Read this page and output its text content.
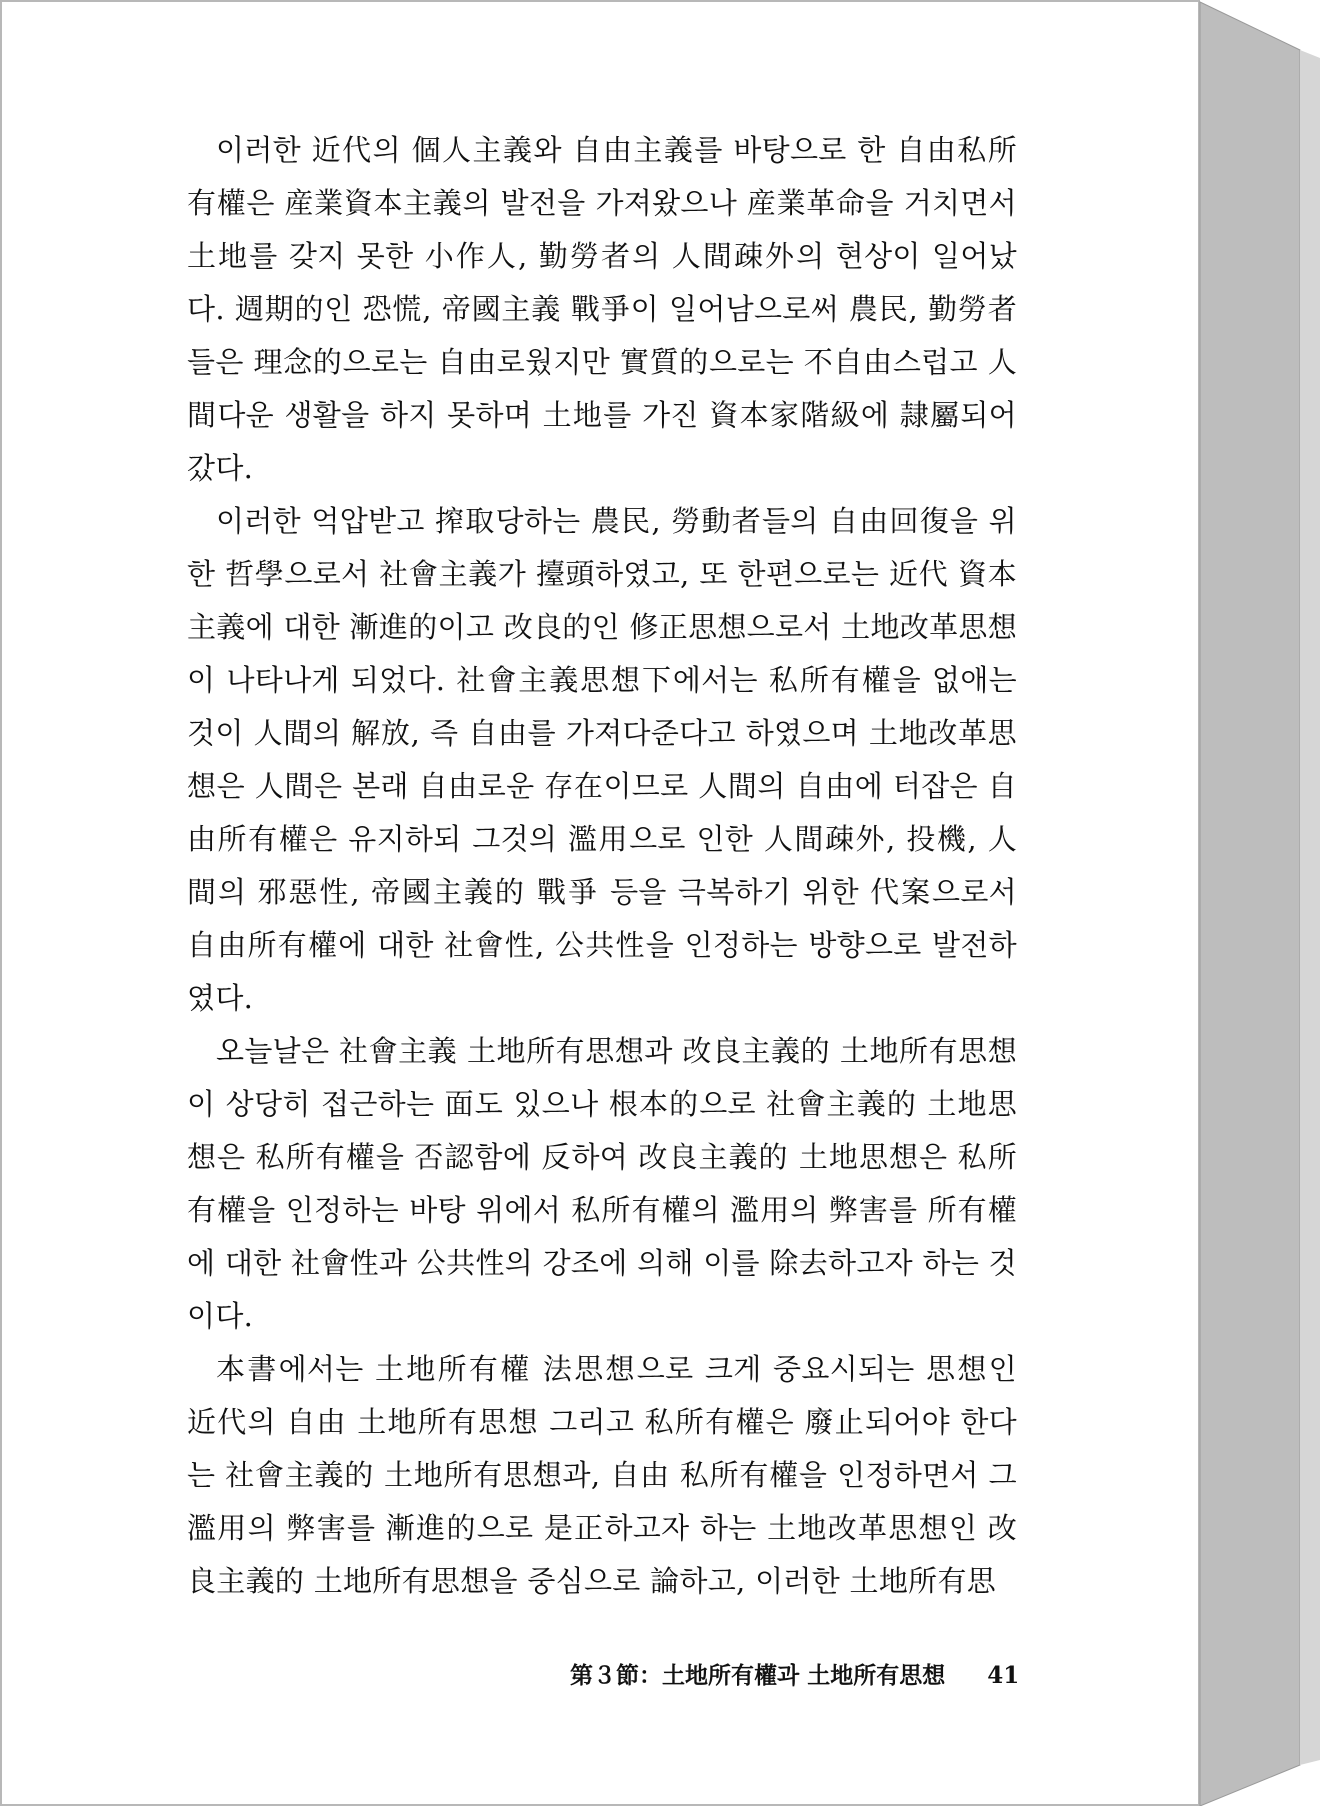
이러한 近代의 個人主義와 自由主義를 바탕으로 한 自由私所有權은 産業資本主義의 발전을 가져왔으나 産業革命을 거치면서 土地를 갖지 못한 小作人, 勤勞者의 人間疎外의 현상이 일어났다. 週期的인 恐慌, 帝國主義 戰爭이 일어남으로써 農民, 勤勞者들은 理念的으로는 自由로웠지만 實質的으로는 不自由스럽고 人間다운 생활을 하지 못하며 土地를 가진 資本家階級에 隷屬되어 갔다.

이러한 억압받고 搾取당하는 農民, 勞動者들의 自由回復을 위한 哲學으로서 社會主義가 擡頭하였고, 또 한편으로는 近代 資本主義에 대한 漸進的이고 改良的인 修正思想으로서 土地改革思想이 나타나게 되었다. 社會主義思想下에서는 私所有權을 없애는 것이 人間의 解放, 즉 自由를 가져다준다고 하였으며 土地改革思想은 人間은 본래 自由로운 存在이므로 人間의 自由에 터잡은 自由所有權은 유지하되 그것의 濫用으로 인한 人間疎外, 投機, 人間의 邪惡性, 帝國主義的 戰爭 등을 극복하기 위한 代案으로서 自由所有權에 대한 社會性, 公共性을 인정하는 방향으로 발전하였다.

오늘날은 社會主義 土地所有思想과 改良主義的 土地所有思想이 상당히 접근하는 面도 있으나 根本的으로 社會主義的 土地思想은 私所有權을 否認함에 反하여 改良主義的 土地思想은 私所有權을 인정하는 바탕 위에서 私所有權의 濫用의 弊害를 所有權에 대한 社會性과 公共性의 강조에 의해 이를 除去하고자 하는 것이다.

本書에서는 土地所有權 法思想으로 크게 중요시되는 思想인 近代의 自由 土地所有思想 그리고 私所有權은 廢止되어야 한다는 社會主義的 土地所有思想과, 自由 私所有權을 인정하면서 그 濫用의 弊害를 漸進的으로 是正하고자 하는 土地改革思想인 改良主義的 土地所有思想을 중심으로 論하고, 이러한 土地所有思

第３節：土地所有權과 土地所有思想 41
